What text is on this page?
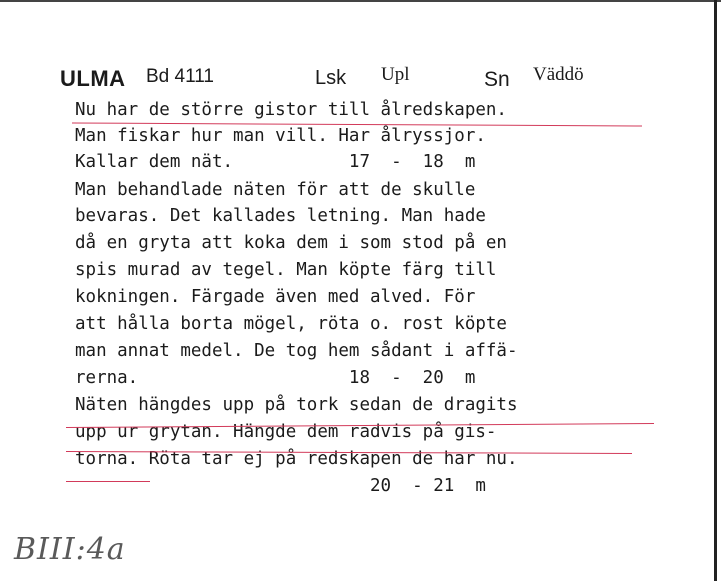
ULMA Bd 4111	Lsk Upl	Sn Väddö
Nu har de större gistor till ålredskapen.
Man fiskar hur man vill. Har ålryssjor.
Kallar dem nät.           17  -  18  m
Man behandlade näten för att de skulle
bevaras. Det kallades letning. Man hade
då en gryta att koka dem i som stod på en
spis murad av tegel. Man köpte färg till
kokningen. Färgade även med alved. För
att hålla borta mögel, röta o. rost köpte
man annat medel. De tog hem sådant i affä-
rerna.                    18  -  20  m
Näten hängdes upp på tork sedan de dragits
upp ur grytan. Hängde dem radvis på gis-
torna. Röta tar ej på redskapen de har nu.
20  - 21  m
BIII:4a
